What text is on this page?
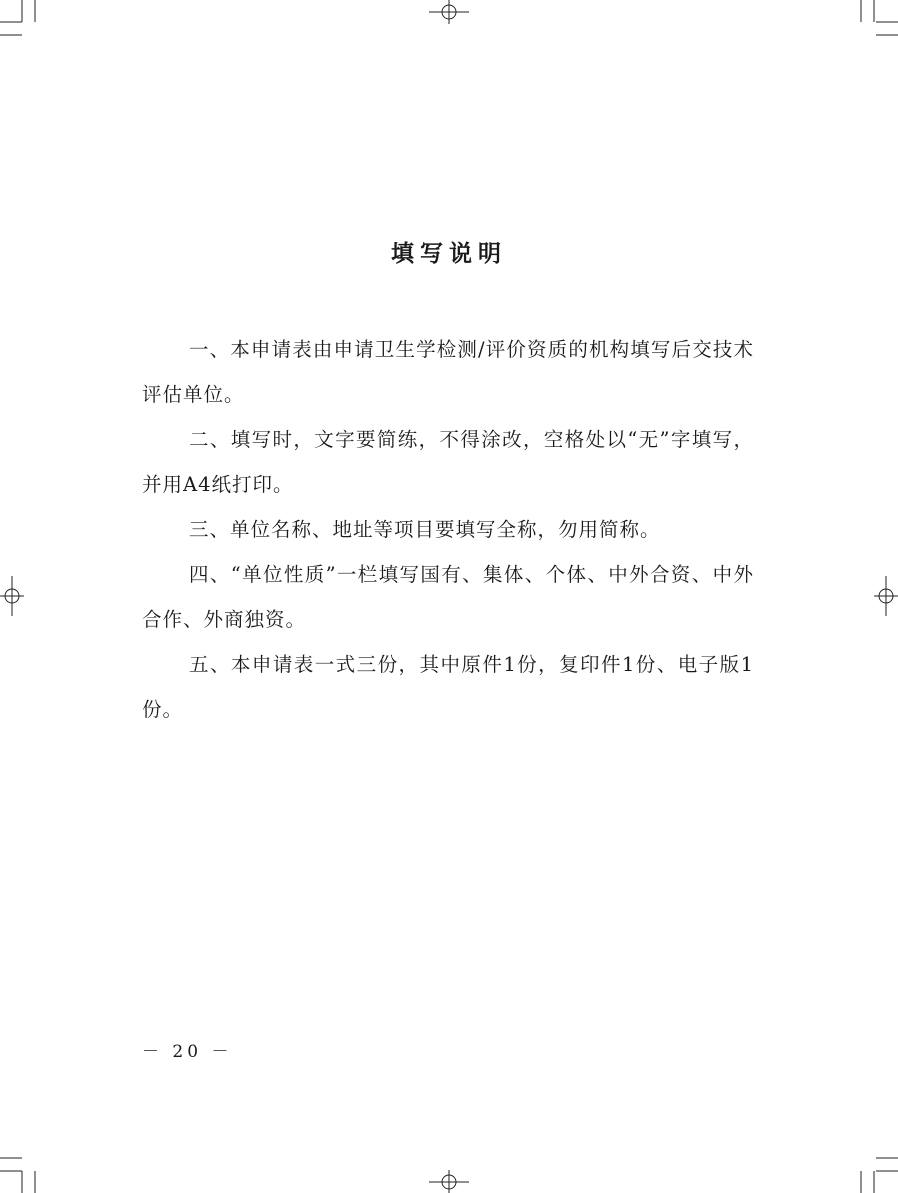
填写说明

一、本申请表由申请卫生学检测/评价资质的机构填写后交技术评估单位。

二、填写时，文字要简练，不得涂改，空格处以“无”字填写，并用A4纸打印。

三、单位名称、地址等项目要填写全称，勿用简称。

四、“单位性质”一栏填写国有、集体、个体、中外合资、中外合作、外商独资。

五、本申请表一式三份，其中原件1份，复印件1份、电子版1份。

－ 20 －
